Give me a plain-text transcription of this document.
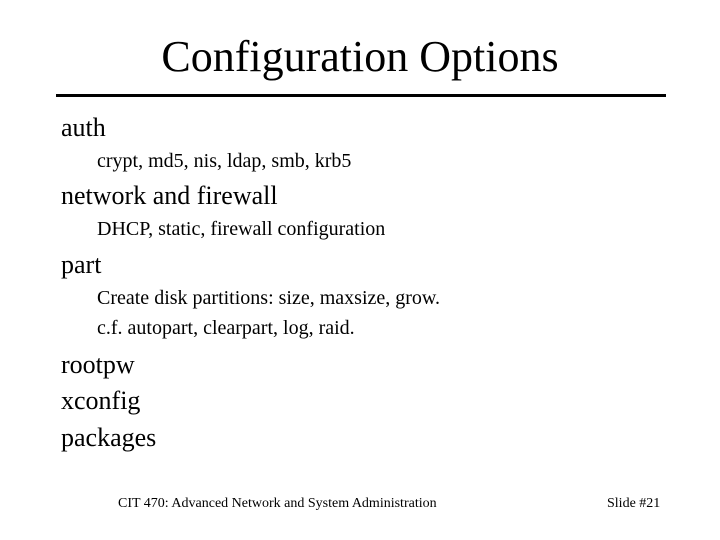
Configuration Options
auth
crypt, md5, nis, ldap, smb, krb5
network and firewall
DHCP, static, firewall configuration
part
Create disk partitions: size, maxsize, grow.
c.f. autopart, clearpart, log, raid.
rootpw
xconfig
packages
CIT 470: Advanced Network and System Administration	Slide #21
